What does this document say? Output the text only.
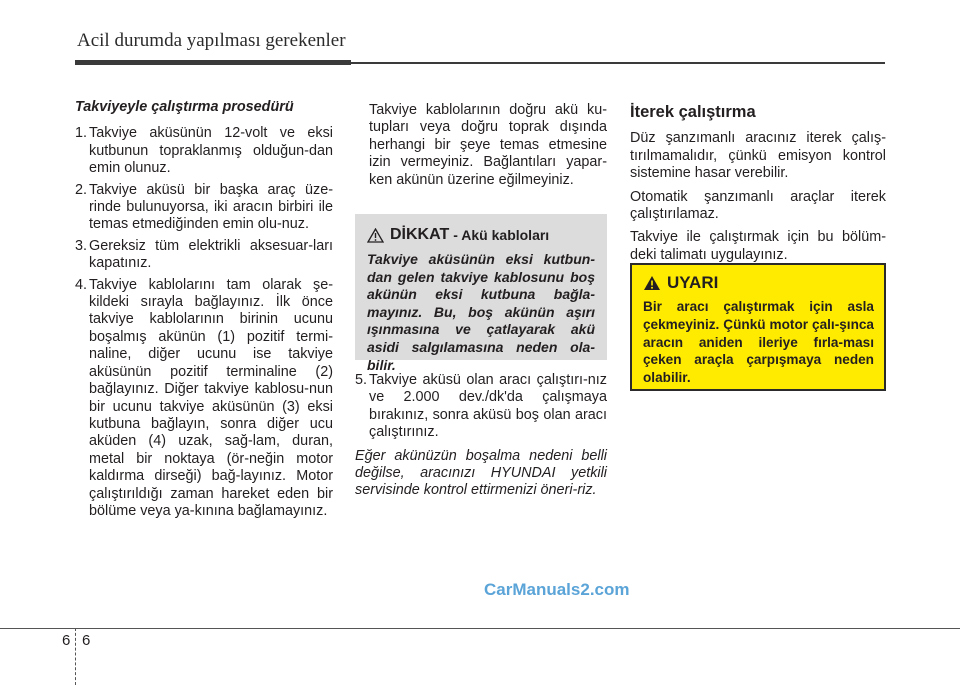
Acil durumda yapılması gerekenler

Takviyeyle çalıştırma prosedürü

1. Takviye aküsünün 12-volt ve eksi kutbunun topraklanmış olduğun-dan emin olunuz.
2. Takviye aküsü bir başka araç üze-rinde bulunuyorsa, iki aracın birbiri ile temas etmediğinden emin olu-nuz.
3. Gereksiz tüm elektrikli aksesuar-ları kapatınız.
4. Takviye kablolarını tam olarak şe-kildeki sırayla bağlayınız. İlk önce takviye kablolarının birinin ucunu boşalmış akünün (1) pozitif termi-naline, diğer ucunu ise takviye aküsünün pozitif terminaline (2) bağlayınız. Diğer takviye kablosu-nun bir ucunu takviye aküsünün (3) eksi kutbuna bağlayın, sonra diğer ucu aküden (4) uzak, sağ-lam, duran, metal bir noktaya (ör-neğin motor kaldırma dirseği) bağ-layınız. Motor çalıştırıldığı zaman hareket eden bir bölüme veya ya-kınına bağlamayınız.

Takviye kablolarının doğru akü ku-tupları veya doğru toprak dışında herhangi bir şeye temas etmesine izin vermeyiniz. Bağlantıları yapar-ken akünün üzerine eğilmeyiniz.

DİKKAT - Akü kabloları
Takviye aküsünün eksi kutbun-dan gelen takviye kablosunu boş akünün eksi kutbuna bağla-mayınız. Bu, boş akünün aşırı ışınmasına ve çatlayarak akü asidi salgılamasına neden ola-bilir.
5. Takviye aküsü olan aracı çalıştırı-nız ve 2.000 dev./dk'da çalışmaya bırakınız, sonra aküsü boş olan aracı çalıştırınız.

Eğer akünüzün boşalma nedeni belli değilse, aracınızı HYUNDAI yetkili servisinde kontrol ettirmenizi öneri-riz.

İterek çalıştırma

Düz şanzımanlı aracınız iterek çalış-tırılmamalıdır, çünkü emisyon kontrol sistemine hasar verebilir.

Otomatik şanzımanlı araçlar iterek çalıştırılamaz.

Takviye ile çalıştırmak için bu bölüm-deki talimatı uygulayınız.

UYARI
Bir aracı çalıştırmak için asla çekmeyiniz. Çünkü motor çalı-şınca aracın aniden ileriye fırla-ması çeken araçla çarpışmaya neden olabilir.
CarManuals2.com
6 6
